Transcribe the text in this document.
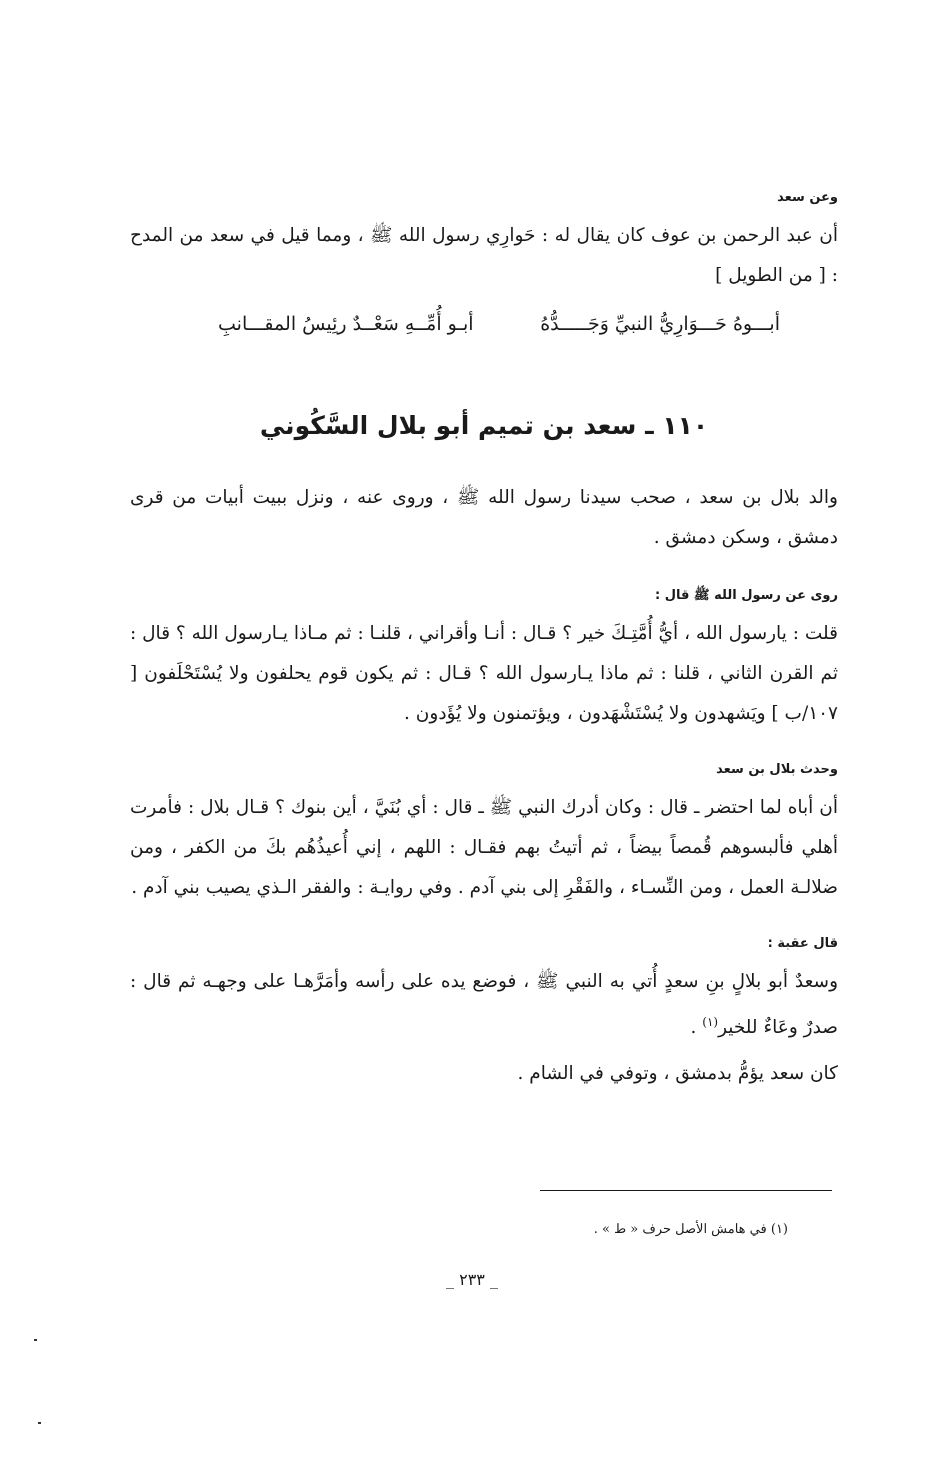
وعن سعد

أن عبد الرحمن بن عوف كان يقال له : حَوارِي رسول الله ﷺ ، ومما قيل في سعد من المدح : [ من الطويل ]

أبـــوهُ حَـــوَارِيُّ النبيِّ وَجَـــــدُّهُ
أبـو أُمِّــهِ سَعْــدٌ رئِيسُ المقـــانبِ
١١٠ ـ سعد بن تميم أبو بلال السَّكُوني

والد بلال بن سعد ، صحب سيدنا رسول الله ﷺ ، وروى عنه ، ونزل ببيت أبيات من قرى دمشق ، وسكن دمشق .

روى عن رسول الله ﷺ قال :

قلت : يارسول الله ، أيُّ أُمَّتِـكَ خير ؟ قـال : أنـا وأقراني ، قلنـا : ثم مـاذا يـارسول الله ؟ قال : ثم القرن الثاني ، قلنا : ثم ماذا يـارسول الله ؟ قـال : ثم يكون قوم يحلفون ولا يُسْتَحْلَفون [ ١٠٧/ب ] ويَشهدون ولا يُسْتَشْهَدون ، ويؤتمنون ولا يُؤَدون .

وحدث بلال بن سعد

أن أباه لما احتضر ـ قال : وكان أدرك النبي ﷺ ـ قال : أي بُنَيَّ ، أين بنوك ؟ قـال بلال : فأمرت أهلي فألبسوهم قُمصاً بيضاً ، ثم أتيتُ بهم فقـال : اللهم ، إني أُعيذُهُم بكَ من الكفر ، ومن ضلالـة العمل ، ومن النِّسـاء ، والفَقْرِ إلى بني آدم . وفي روايـة : والفقر الـذي يصيب بني آدم .

قال عقبة :

وسعدٌ أبو بلالٍ بنِ سعدٍ أُتي به النبي ﷺ ، فوضع يده على رأسه وأمَرَّهـا على وجهـه ثم قال : صدرٌ وعَاءٌ للخير$^{(١)}$ .

كان سعد يؤمُّ بدمشق ، وتوفي في الشام .

(١) في هامش الأصل حرف « ط » .
_ ٢٣٣ _
